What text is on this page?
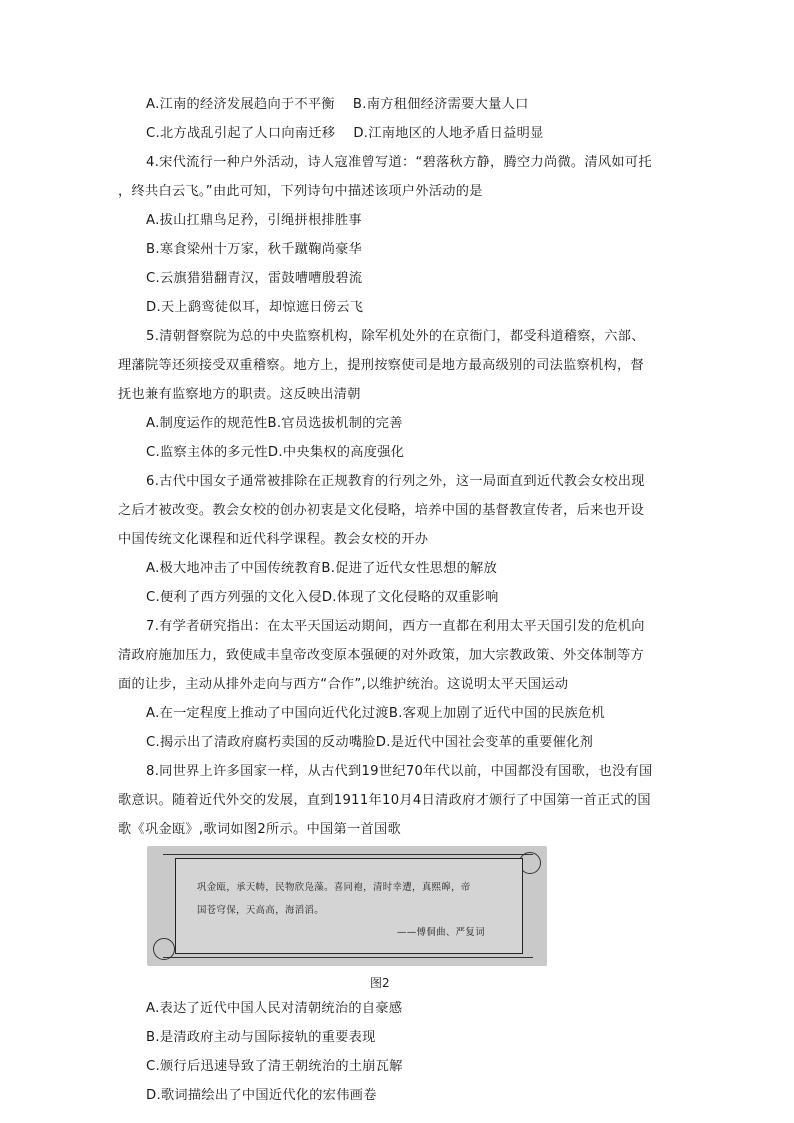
A.江南的经济发展趋向于不平衡 B.南方租佃经济需要大量人口
C.北方战乱引起了人口向南迁移 D.江南地区的人地矛盾日益明显
4.宋代流行一种户外活动，诗人寇准曾写道：“碧落秋方静，腾空力尚微。清风如可托
，终共白云飞。”由此可知，下列诗句中描述该项户外活动的是
A.拔山扛鼎鸟足矜，引绳拼根排胜事
B.寒食梁州十万家，秋千蹴鞠尚豪华
C.云旗猎猎翻青汉，雷鼓嘈嘈殷碧流
D.天上鹞鸾徒似耳，却惊遮日傍云飞
5.清朝督察院为总的中央监察机构，除军机处外的在京衙门，都受科道稽察，六部、
理藩院等还须接受双重稽察。地方上，提刑按察使司是地方最高级别的司法监察机构，督
抚也兼有监察地方的职责。这反映出清朝
A.制度运作的规范性B.官员选拔机制的完善
C.监察主体的多元性D.中央集权的高度强化
6.古代中国女子通常被排除在正规教育的行列之外，这一局面直到近代教会女校出现
之后才被改变。教会女校的创办初衷是文化侵略，培养中国的基督教宣传者，后来也开设
中国传统文化课程和近代科学课程。教会女校的开办
A.极大地冲击了中国传统教育B.促进了近代女性思想的解放
C.便利了西方列强的文化入侵D.体现了文化侵略的双重影响
7.有学者研究指出：在太平天国运动期间，西方一直都在利用太平天国引发的危机向
清政府施加压力，致使咸丰皇帝改变原本强硬的对外政策，加大宗教政策、外交体制等方
面的让步，主动从排外走向与西方“合作”,以维护统治。这说明太平天国运动
A.在一定程度上推动了中国向近代化过渡B.客观上加剧了近代中国的民族危机
C.揭示出了清政府腐朽卖国的反动嘴脸D.是近代中国社会变革的重要催化剂
8.同世界上许多国家一样，从古代到19世纪70年代以前，中国都没有国歌，也没有国
歌意识。随着近代外交的发展，直到1911年10月4日清政府才颁行了中国第一首正式的国
歌《巩金瓯》,歌词如图2所示。中国第一首国歌
巩金瓯，承天帱，民物欣凫藻。喜同袍，清时幸遭，真熙皞，帝
国苍穹保，天高高，海滔滔。
——傅侗曲、严复词
图2
A.表达了近代中国人民对清朝统治的自豪感
B.是清政府主动与国际接轨的重要表现
C.颁行后迅速导致了清王朝统治的土崩瓦解
D.歌词描绘出了中国近代化的宏伟画卷
